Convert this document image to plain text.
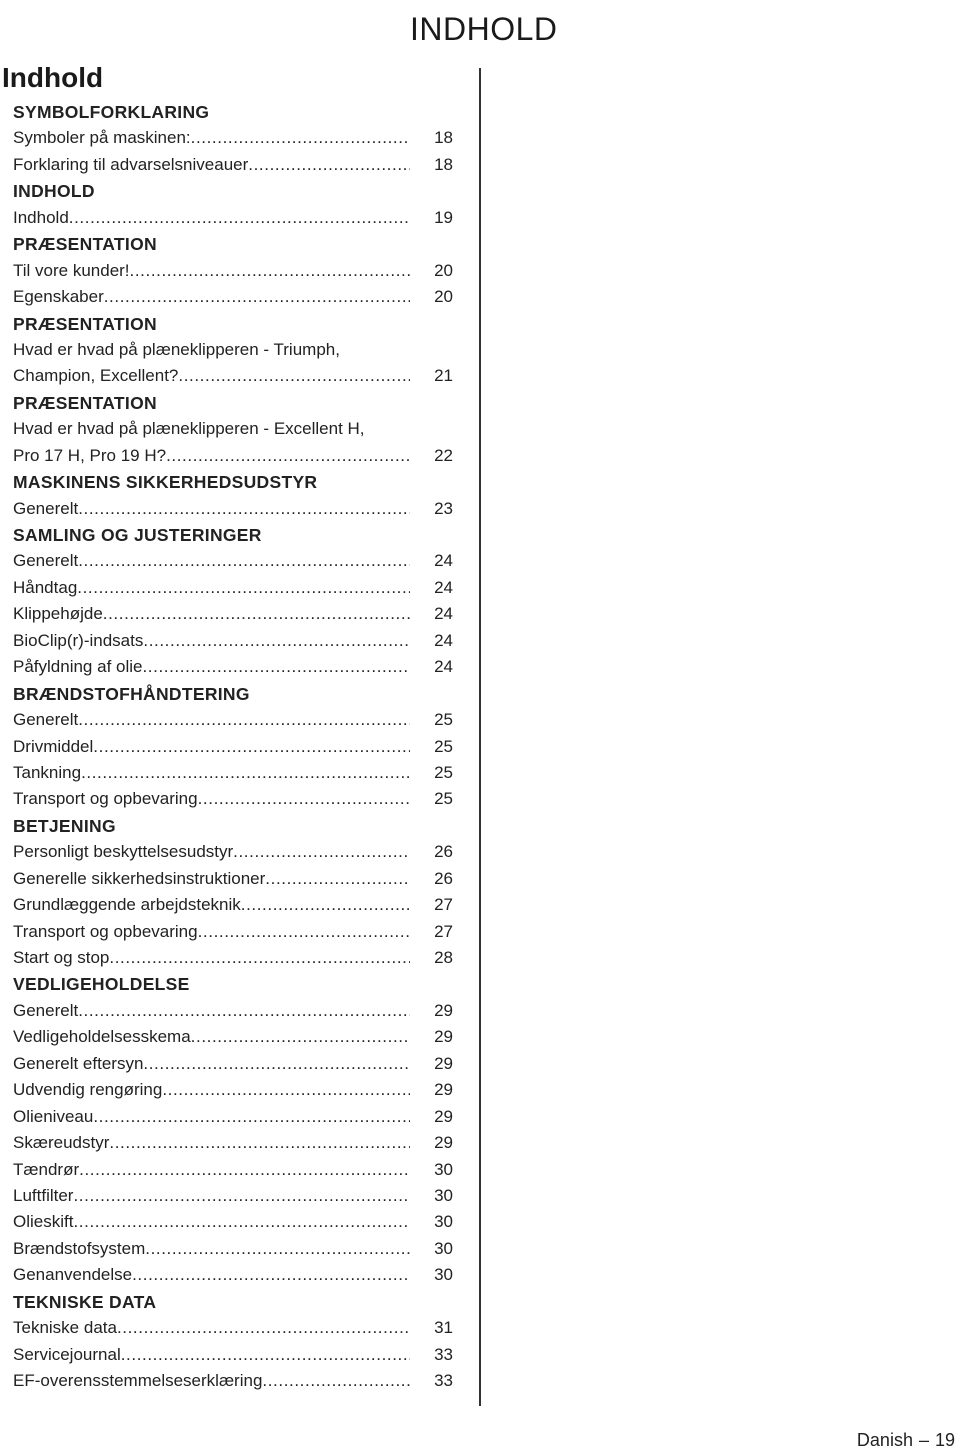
INDHOLD
Indhold
SYMBOLFORKLARING
Symboler på maskinen: .....	18
Forklaring til advarselsniveauer .....	18
INDHOLD
Indhold .....	19
PRÆSENTATION
Til vore kunder! .....	20
Egenskaber .....	20
PRÆSENTATION
Hvad er hvad på plæneklipperen - Triumph,
Champion, Excellent? .....	21
PRÆSENTATION
Hvad er hvad på plæneklipperen - Excellent H,
Pro 17 H, Pro 19 H? .....	22
MASKINENS SIKKERHEDSUDSTYR
Generelt .....	23
SAMLING OG JUSTERINGER
Generelt .....	24
Håndtag .....	24
Klippehøjde .....	24
BioClip(r)-indsats .....	24
Påfyldning af olie .....	24
BRÆNDSTOFHÅNDTERING
Generelt .....	25
Drivmiddel .....	25
Tankning .....	25
Transport og opbevaring .....	25
BETJENING
Personligt beskyttelsesudstyr .....	26
Generelle sikkerhedsinstruktioner .....	26
Grundlæggende arbejdsteknik .....	27
Transport og opbevaring .....	27
Start og stop .....	28
VEDLIGEHOLDELSE
Generelt .....	29
Vedligeholdelsesskema .....	29
Generelt eftersyn .....	29
Udvendig rengøring .....	29
Olieniveau .....	29
Skæreudstyr .....	29
Tændrør .....	30
Luftfilter .....	30
Olieskift .....	30
Brændstofsystem .....	30
Genanvendelse .....	30
TEKNISKE DATA
Tekniske data .....	31
Servicejournal .....	33
EF-overensstemmelseserklæring .....	33
Danish – 19
